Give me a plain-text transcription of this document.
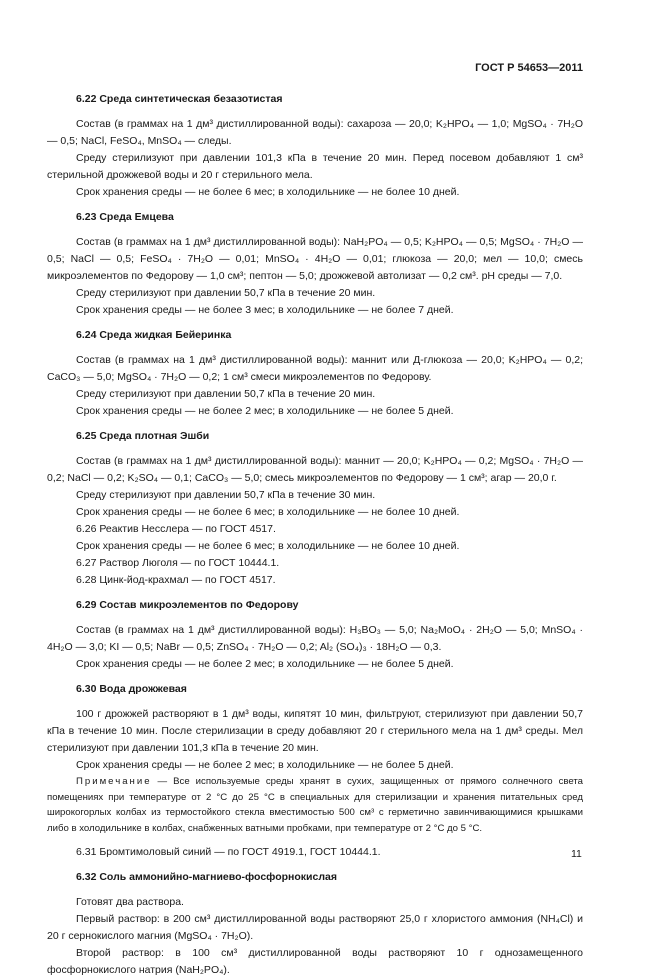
ГОСТ Р 54653—2011

6.22 Среда синтетическая безазотистая

Состав (в граммах на 1 дм³ дистиллированной воды): сахароза — 20,0; K₂HPO₄ — 1,0; MgSO₄ · 7H₂O — 0,5; NaCl, FeSO₄, MnSO₄ — следы.

Среду стерилизуют при давлении 101,3 кПа в течение 20 мин. Перед посевом добавляют 1 см³ стерильной дрожжевой воды и 20 г стерильного мела.

Срок хранения среды — не более 6 мес; в холодильнике — не более 10 дней.

6.23 Среда Емцева

Состав (в граммах на 1 дм³ дистиллированной воды): NaH₂PO₄ — 0,5; K₂HPO₄ — 0,5; MgSO₄ · 7H₂O — 0,5; NaCl — 0,5; FeSO₄ · 7H₂O — 0,01; MnSO₄ · 4H₂O — 0,01; глюкоза — 20,0; мел — 10,0; смесь микроэлементов по Федорову — 1,0 см³; пептон — 5,0; дрожжевой автолизат — 0,2 см³. pH среды — 7,0.

Среду стерилизуют при давлении 50,7 кПа в течение 20 мин.

Срок хранения среды — не более 3 мес; в холодильнике — не более 7 дней.

6.24 Среда жидкая Бейеринка

Состав (в граммах на 1 дм³ дистиллированной воды): маннит или Д-глюкоза — 20,0; K₂HPO₄ — 0,2; CaCO₃ — 5,0; MgSO₄ · 7H₂O — 0,2; 1 см³ смеси микроэлементов по Федорову.

Среду стерилизуют при давлении 50,7 кПа в течение 20 мин.

Срок хранения среды — не более 2 мес; в холодильнике — не более 5 дней.

6.25 Среда плотная Эшби

Состав (в граммах на 1 дм³ дистиллированной воды): маннит — 20,0; K₂HPO₄ — 0,2; MgSO₄ · 7H₂O — 0,2; NaCl — 0,2; K₂SO₄ — 0,1; CaCO₃ — 5,0; смесь микроэлементов по Федорову — 1 см³; агар — 20,0 г.

Среду стерилизуют при давлении 50,7 кПа в течение 30 мин.

Срок хранения среды — не более 6 мес; в холодильнике — не более 10 дней.

6.26 Реактив Несслера — по ГОСТ 4517.

Срок хранения среды — не более 6 мес; в холодильнике — не более 10 дней.

6.27 Раствор Люголя — по ГОСТ 10444.1.

6.28 Цинк-йод-крахмал — по ГОСТ 4517.

6.29 Состав микроэлементов по Федорову

Состав (в граммах на 1 дм³ дистиллированной воды): H₃BO₃ — 5,0; Na₂MoO₄ · 2H₂O — 5,0; MnSO₄ · 4H₂O — 3,0; KI — 0,5; NaBr — 0,5; ZnSO₄ · 7H₂O — 0,2; Al₂ (SO₄)₃ · 18H₂O — 0,3.

Срок хранения среды — не более 2 мес; в холодильнике — не более 5 дней.

6.30 Вода дрожжевая

100 г дрожжей растворяют в 1 дм³ воды, кипятят 10 мин, фильтруют, стерилизуют при давлении 50,7 кПа в течение 10 мин. После стерилизации в среду добавляют 20 г стерильного мела на 1 дм³ среды. Мел стерилизуют при давлении 101,3 кПа в течение 20 мин.

Срок хранения среды — не более 2 мес; в холодильнике — не более 5 дней.

Примечание — Все используемые среды хранят в сухих, защищенных от прямого солнечного света помещениях при температуре от 2 °С до 25 °С в специальных для стерилизации и хранения питательных сред широкогорлых колбах из термостойкого стекла вместимостью 500 см³ с герметично завинчивающимися крышками либо в холодильнике в колбах, снабженных ватными пробками, при температуре от 2 °С до 5 °С.

6.31 Бромтимоловый синий — по ГОСТ 4919.1, ГОСТ 10444.1.

6.32 Соль аммонийно-магниево-фосфорнокислая

Готовят два раствора.

Первый раствор: в 200 см³ дистиллированной воды растворяют 25,0 г хлористого аммония (NH₄Cl) и 20 г сернокислого магния (MgSO₄ · 7H₂O).

Второй раствор: в 100 см³ дистиллированной воды растворяют 10 г однозамещенного фосфорнокислого натрия (NaH₂PO₄).

11
